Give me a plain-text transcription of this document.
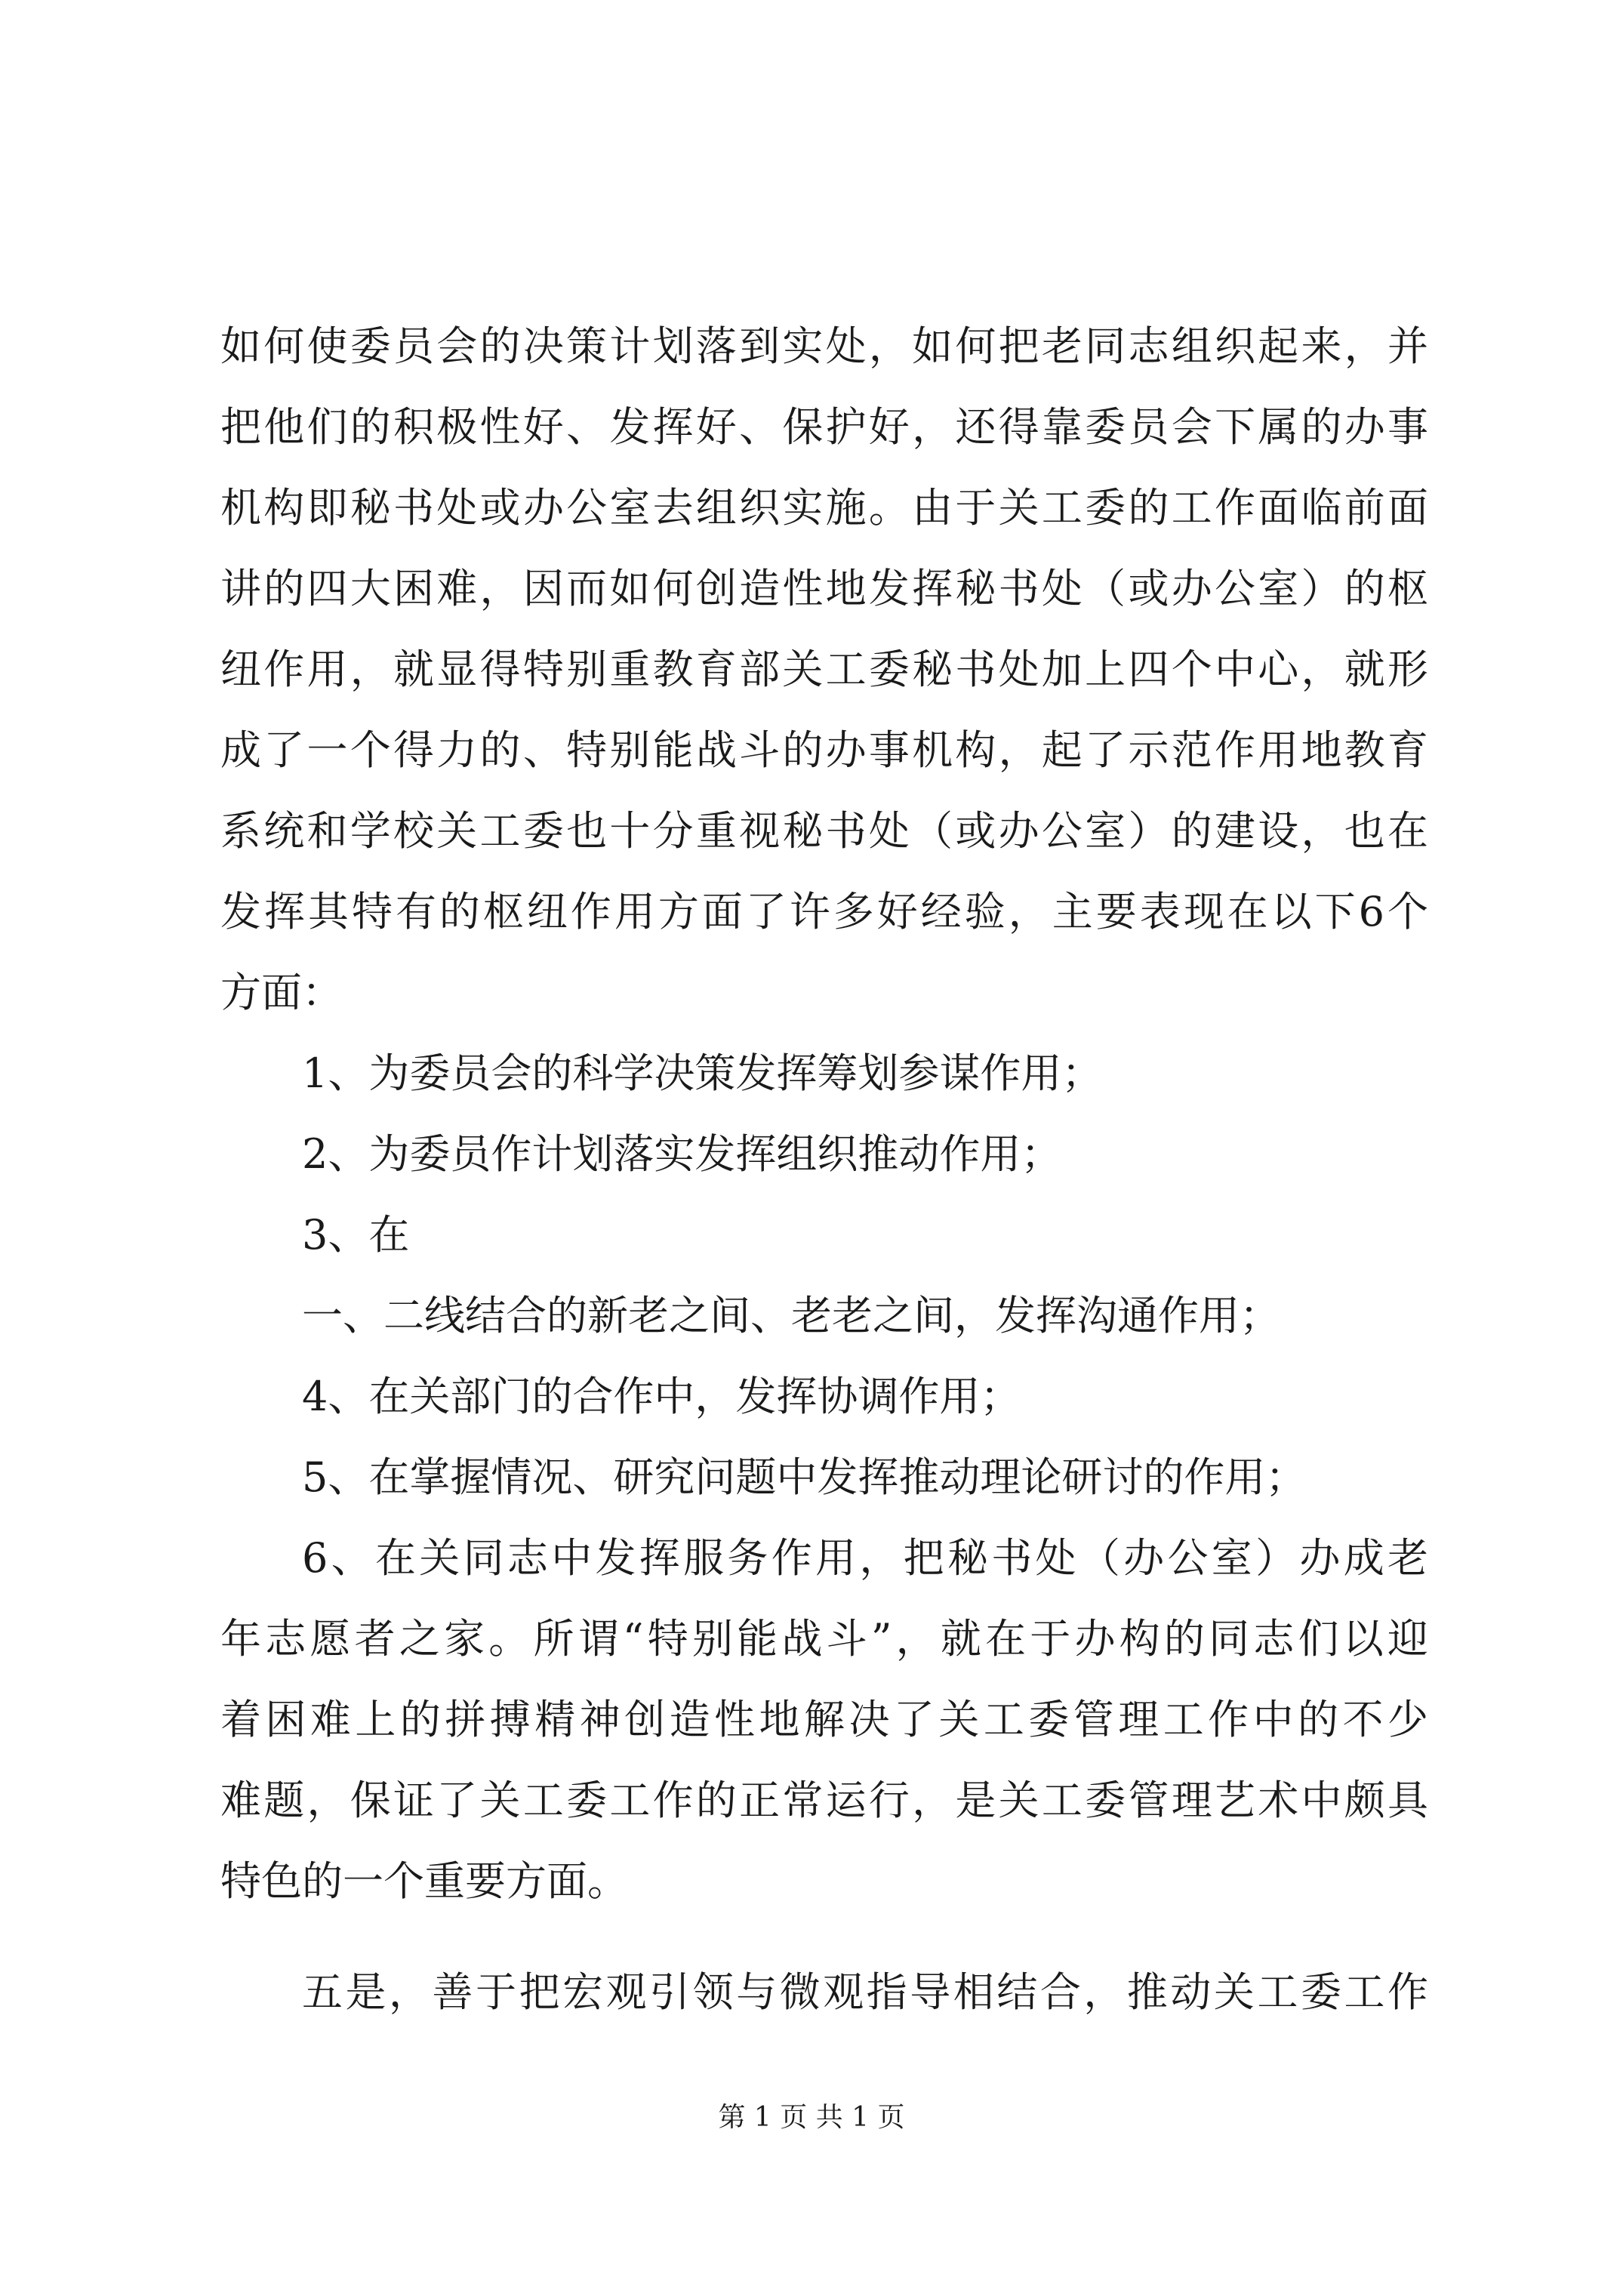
如何使委员会的决策计划落到实处，如何把老同志组织起来，并
把他们的积极性好、发挥好、保护好，还得靠委员会下属的办事
机构即秘书处或办公室去组织实施。由于关工委的工作面临前面
讲的四大困难，因而如何创造性地发挥秘书处（或办公室）的枢
纽作用，就显得特别重教育部关工委秘书处加上四个中心，就形
成了一个得力的、特别能战斗的办事机构，起了示范作用地教育
系统和学校关工委也十分重视秘书处（或办公室）的建设，也在
发挥其特有的枢纽作用方面了许多好经验，主要表现在以下6个
方面：
1、为委员会的科学决策发挥筹划参谋作用；
2、为委员作计划落实发挥组织推动作用；
3、在
一、二线结合的新老之间、老老之间，发挥沟通作用；
4、在关部门的合作中，发挥协调作用；
5、在掌握情况、研究问题中发挥推动理论研讨的作用；
6、在关同志中发挥服务作用，把秘书处（办公室）办成老
年志愿者之家。所谓“特别能战斗”，就在于办构的同志们以迎
着困难上的拼搏精神创造性地解决了关工委管理工作中的不少
难题，保证了关工委工作的正常运行，是关工委管理艺术中颇具
特色的一个重要方面。
五是，善于把宏观引领与微观指导相结合，推动关工委工作
第 1 页 共 1 页
